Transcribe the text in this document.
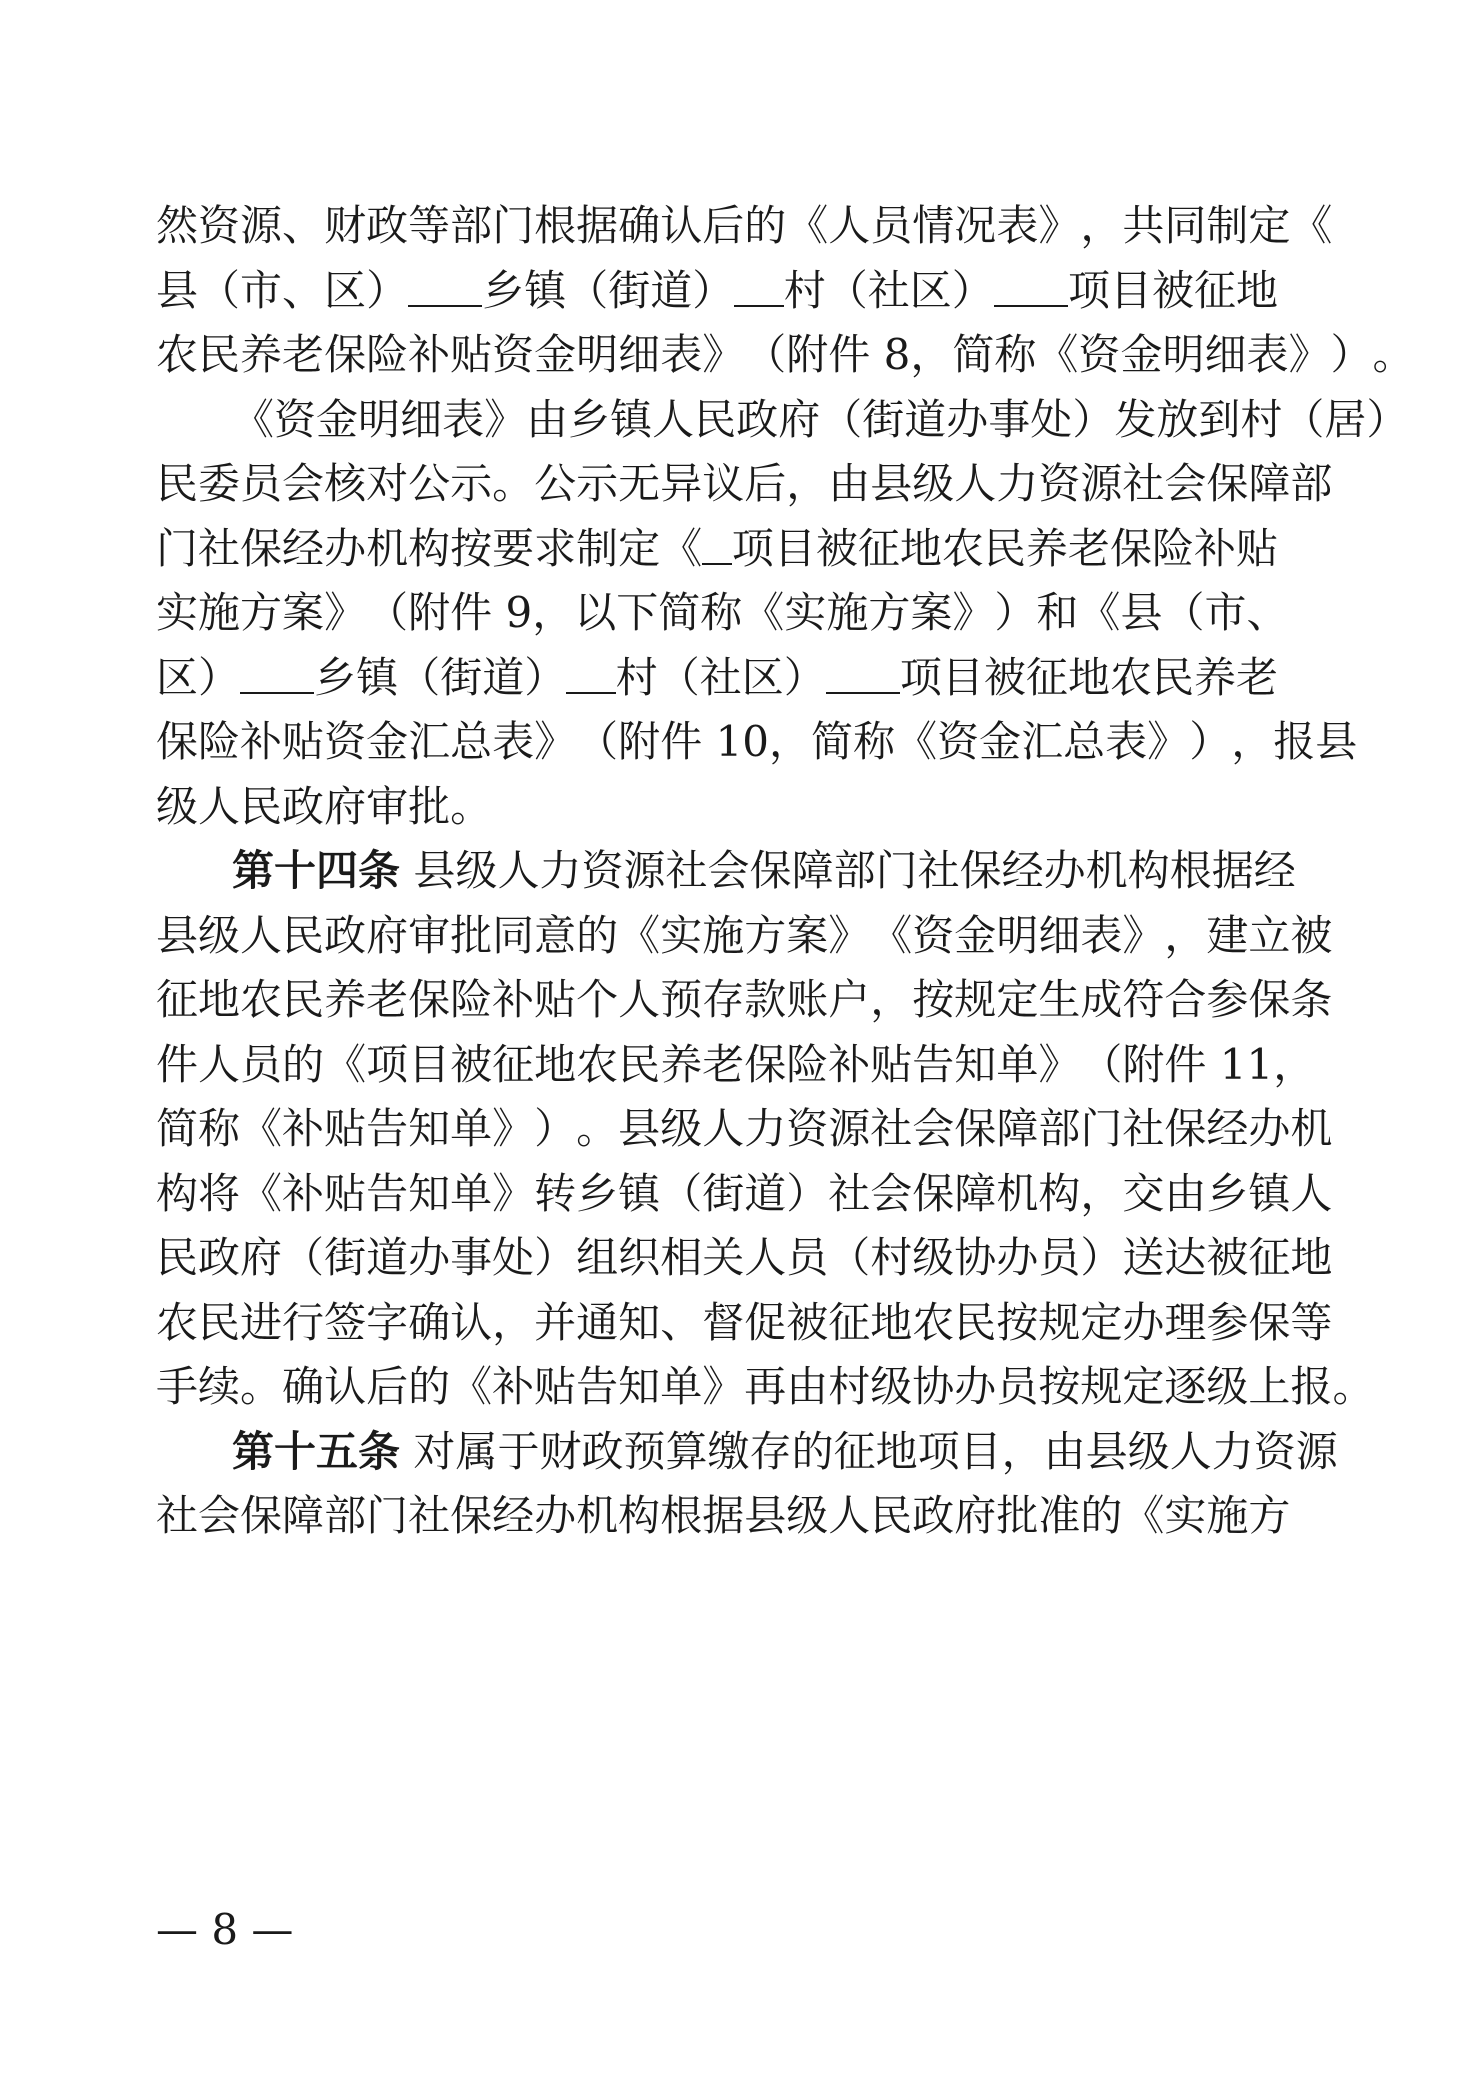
然 资 源 、 财 政 等 部 门 根 据 确 认 后 的 《 人 员 情 况 表 》 ， 共 同 制 定 《
县 （ 市 、 区 ） 乡 镇 （ 街 道 ） 村 （ 社 区 ） 项 目 被 征 地
农 民 养 老 保 险 补 贴 资 金 明 细 表 》 （ 附 件
8 ， 简 称 《 资 金 明 细 表 》 ） 。
《 资 金 明 细 表 》 由 乡 镇 人 民 政 府 （ 街 道 办 事 处 ） 发 放 到 村 （ 居 ）
民 委 员 会 核 对 公 示 。 公 示 无 异 议 后 ， 由 县 级 人 力 资 源 社 会 保 障 部
门 社 保 经 办 机 构 按 要 求 制 定 《 项 目 被 征 地 农 民 养 老 保 险 补 贴
实 施 方 案 》 （ 附 件
9 ， 以 下 简 称 《 实 施 方 案 》 ） 和 《 县 （ 市 、
区 ） 乡 镇 （ 街 道 ） 村 （ 社 区 ） 项 目 被 征 地 农 民 养 老
保 险 补 贴 资 金 汇 总 表 》 （ 附 件
1 0 ， 简 称 《 资 金 汇 总 表 》 ） ， 报 县
级 人 民 政 府 审 批 。
第 十 四 条
县 级 人 力 资 源 社 会 保 障 部 门 社 保 经 办 机 构 根 据 经
县 级 人 民 政 府 审 批 同 意 的 《 实 施 方 案 》 《 资 金 明 细 表 》 ， 建 立 被
征 地 农 民 养 老 保 险 补 贴 个 人 预 存 款 账 户 ， 按 规 定 生 成 符 合 参 保 条
件 人 员 的 《 项 目 被 征 地 农 民 养 老 保 险 补 贴 告 知 单 》 （ 附 件
1 1 ，
简 称 《 补 贴 告 知 单 》 ） 。 县 级 人 力 资 源 社 会 保 障 部 门 社 保 经 办 机
构 将 《 补 贴 告 知 单 》 转 乡 镇 （ 街 道 ） 社 会 保 障 机 构 ， 交 由 乡 镇 人
民 政 府 （ 街 道 办 事 处 ） 组 织 相 关 人 员 （ 村 级 协 办 员 ） 送 达 被 征 地
农 民 进 行 签 字 确 认 ， 并 通 知 、 督 促 被 征 地 农 民 按 规 定 办 理 参 保 等
手 续 。 确 认 后 的 《 补 贴 告 知 单 》 再 由 村 级 协 办 员 按 规 定 逐 级 上 报 。
第 十 五 条
对 属 于 财 政 预 算 缴 存 的 征 地 项 目 ， 由 县 级 人 力 资 源
社 会 保 障 部 门 社 保 经 办 机 构 根 据 县 级 人 民 政 府 批 准 的 《 实 施 方
— 8 —
